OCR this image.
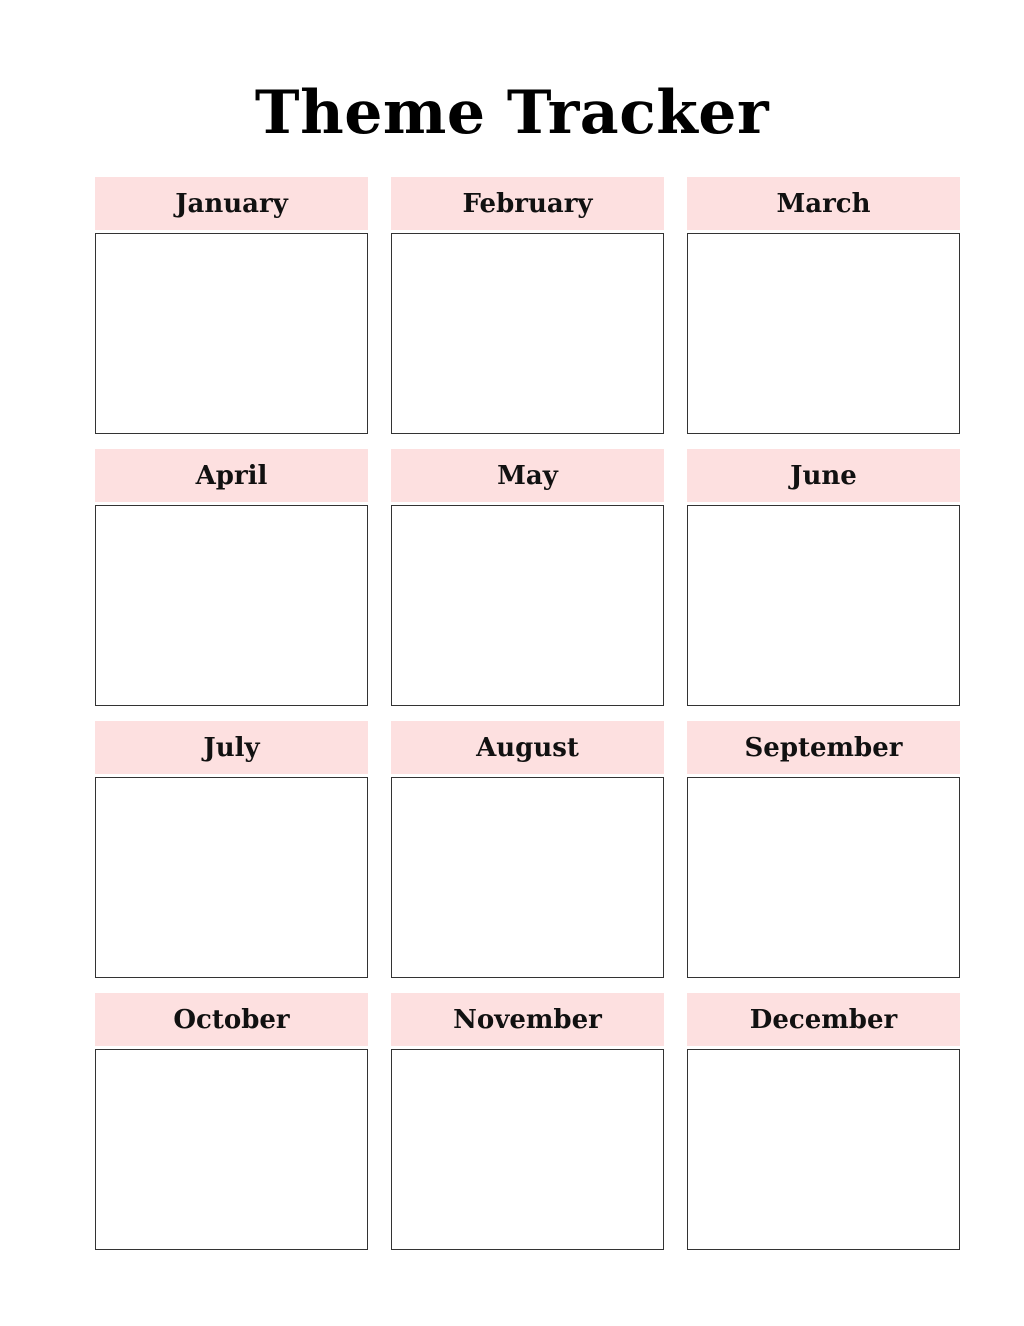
Theme Tracker
January	February	March
April	May	June
July	August	September
October	November	December
